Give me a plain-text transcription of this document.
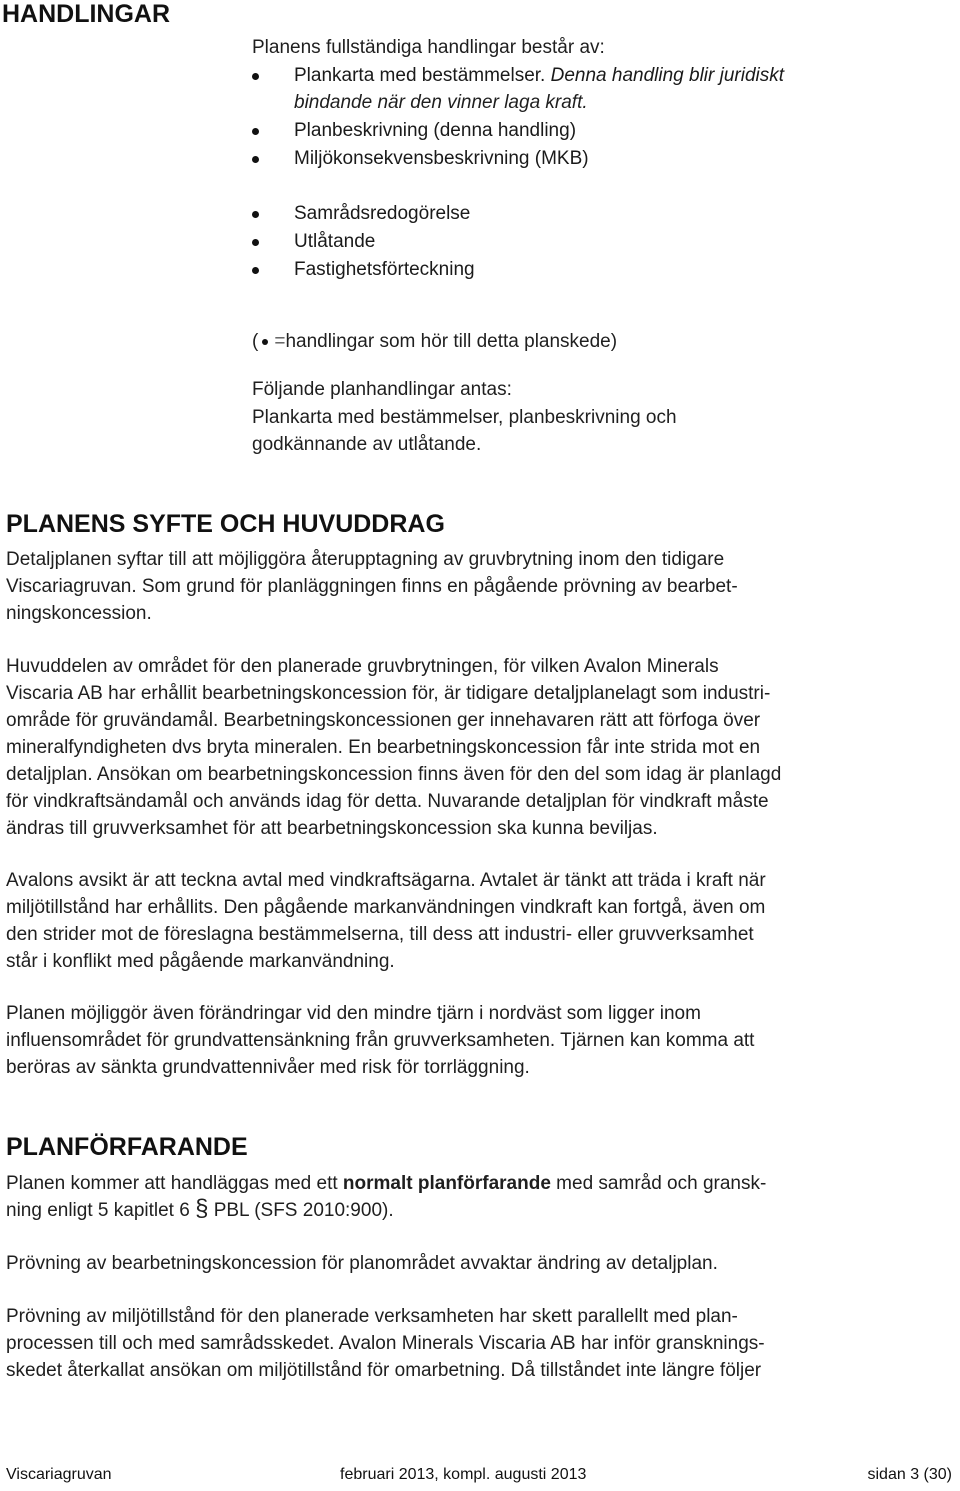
HANDLINGAR
Planens fullständiga handlingar består av:
Plankarta med bestämmelser. Denna handling blir juridiskt
bindande när den vinner laga kraft.
Planbeskrivning (denna handling)
Miljökonsekvensbeskrivning (MKB)
Samrådsredogörelse
Utlåtande
Fastighetsförteckning
( =handlingar som hör till detta planskede)
Följande planhandlingar antas:
Plankarta med bestämmelser, planbeskrivning och
godkännande av utlåtande.
PLANENS SYFTE OCH HUVUDDRAG
Detaljplanen syftar till att möjliggöra återupptagning av gruvbrytning inom den tidigare
Viscariagruvan. Som grund för planläggningen finns en pågående prövning av bearbet-
ningskoncession.
Huvuddelen av området för den planerade gruvbrytningen, för vilken Avalon Minerals
Viscaria AB har erhållit bearbetningskoncession för, är tidigare detaljplanelagt som industri-
område för gruvändamål. Bearbetningskoncessionen ger innehavaren rätt att förfoga över
mineralfyndigheten dvs bryta mineralen. En bearbetningskoncession får inte strida mot en
detaljplan. Ansökan om bearbetningskoncession finns även för den del som idag är planlagd
för vindkraftsändamål och används idag för detta. Nuvarande detaljplan för vindkraft måste
ändras till gruvverksamhet för att bearbetningskoncession ska kunna beviljas.
Avalons avsikt är att teckna avtal med vindkraftsägarna. Avtalet är tänkt att träda i kraft när
miljötillstånd har erhållits. Den pågående markanvändningen vindkraft kan fortgå, även om
den strider mot de föreslagna bestämmelserna, till dess att industri- eller gruvverksamhet
står i konflikt med pågående markanvändning.
Planen möjliggör även förändringar vid den mindre tjärn i nordväst som ligger inom
influensområdet för grundvattensänkning från gruvverksamheten. Tjärnen kan komma att
beröras av sänkta grundvattennivåer med risk för torrläggning.
PLANFÖRFARANDE
Planen kommer att handläggas med ett normalt planförfarande med samråd och gransk-
ning enligt 5 kapitlet 6 § PBL (SFS 2010:900).
Prövning av bearbetningskoncession för planområdet avvaktar ändring av detaljplan.
Prövning av miljötillstånd för den planerade verksamheten har skett parallellt med plan-
processen till och med samrådsskedet. Avalon Minerals Viscaria AB har inför gransknings-
skedet återkallat ansökan om miljötillstånd för omarbetning. Då tillståndet inte längre följer
Viscariagruvan	februari 2013, kompl. augusti 2013	sidan 3 (30)
